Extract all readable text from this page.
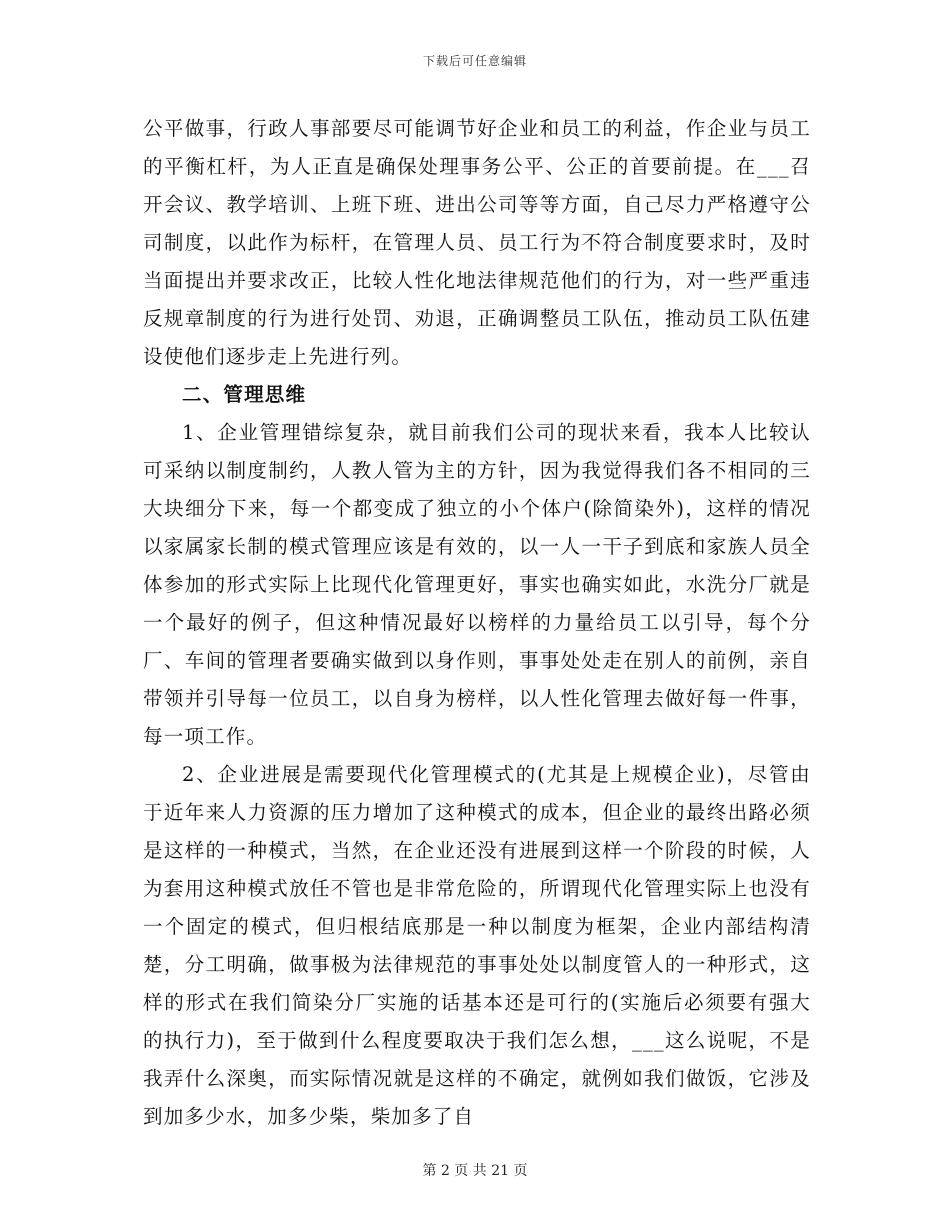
下载后可任意编辑

公平做事，行政人事部要尽可能调节好企业和员工的利益，作企业与员工的平衡杠杆，为人正直是确保处理事务公平、公正的首要前提。在___召开会议、教学培训、上班下班、进出公司等等方面，自己尽力严格遵守公司制度，以此作为标杆，在管理人员、员工行为不符合制度要求时，及时当面提出并要求改正，比较人性化地法律规范他们的行为，对一些严重违反规章制度的行为进行处罚、劝退，正确调整员工队伍，推动员工队伍建设使他们逐步走上先进行列。

二、管理思维

1、企业管理错综复杂，就目前我们公司的现状来看，我本人比较认可采纳以制度制约，人教人管为主的方针，因为我觉得我们各不相同的三大块细分下来，每一个都变成了独立的小个体户(除简染外)，这样的情况以家属家长制的模式管理应该是有效的，以一人一干子到底和家族人员全体参加的形式实际上比现代化管理更好，事实也确实如此，水洗分厂就是一个最好的例子，但这种情况最好以榜样的力量给员工以引导，每个分厂、车间的管理者要确实做到以身作则，事事处处走在别人的前例，亲自带领并引导每一位员工，以自身为榜样，以人性化管理去做好每一件事，每一项工作。

2、企业进展是需要现代化管理模式的(尤其是上规模企业)，尽管由于近年来人力资源的压力增加了这种模式的成本，但企业的最终出路必须是这样的一种模式，当然，在企业还没有进展到这样一个阶段的时候，人为套用这种模式放任不管也是非常危险的，所谓现代化管理实际上也没有一个固定的模式，但归根结底那是一种以制度为框架，企业内部结构清楚，分工明确，做事极为法律规范的事事处处以制度管人的一种形式，这样的形式在我们简染分厂实施的话基本还是可行的(实施后必须要有强大的执行力)，至于做到什么程度要取决于我们怎么想，___这么说呢，不是我弄什么深奥，而实际情况就是这样的不确定，就例如我们做饭，它涉及到加多少水，加多少柴，柴加多了自

第 2 页 共 21 页
